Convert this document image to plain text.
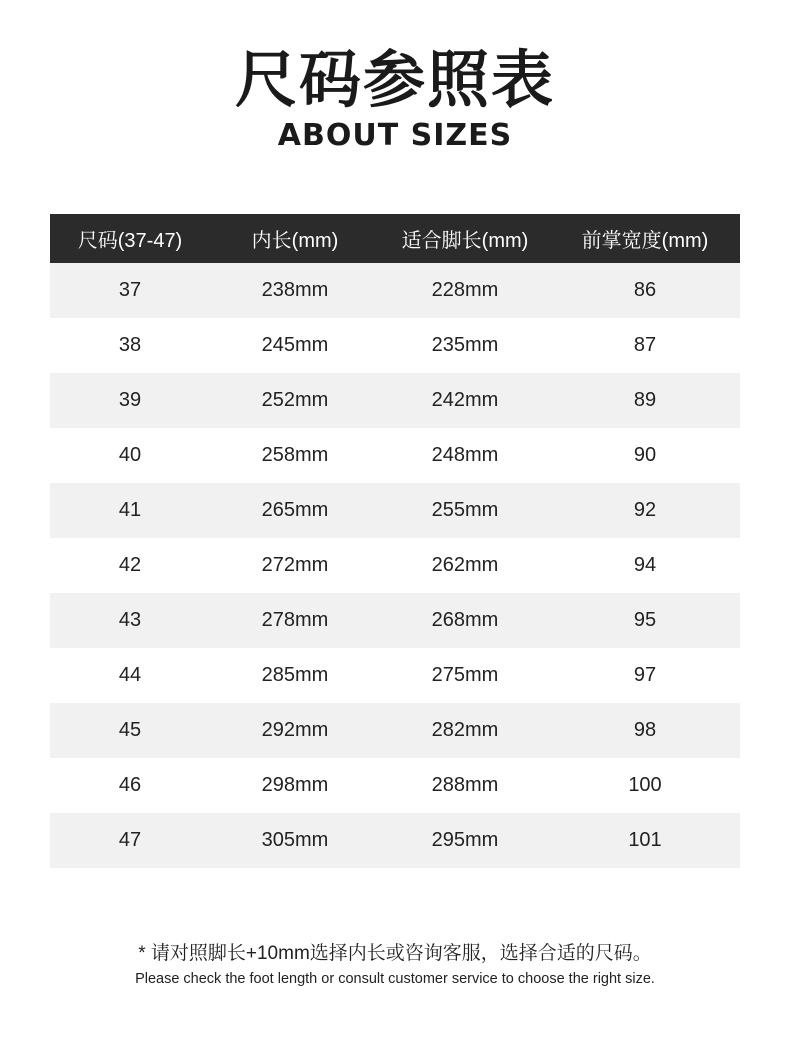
尺码参照表
ABOUT SIZES
尺码(37-47)	内长(mm)	适合脚长(mm)	前掌宽度(mm)
37	238mm	228mm	86
38	245mm	235mm	87
39	252mm	242mm	89
40	258mm	248mm	90
41	265mm	255mm	92
42	272mm	262mm	94
43	278mm	268mm	95
44	285mm	275mm	97
45	292mm	282mm	98
46	298mm	288mm	100
47	305mm	295mm	101
* 请对照脚长+10mm选择内长或咨询客服，选择合适的尺码。
Please check the foot length or consult customer service to choose the right size.
